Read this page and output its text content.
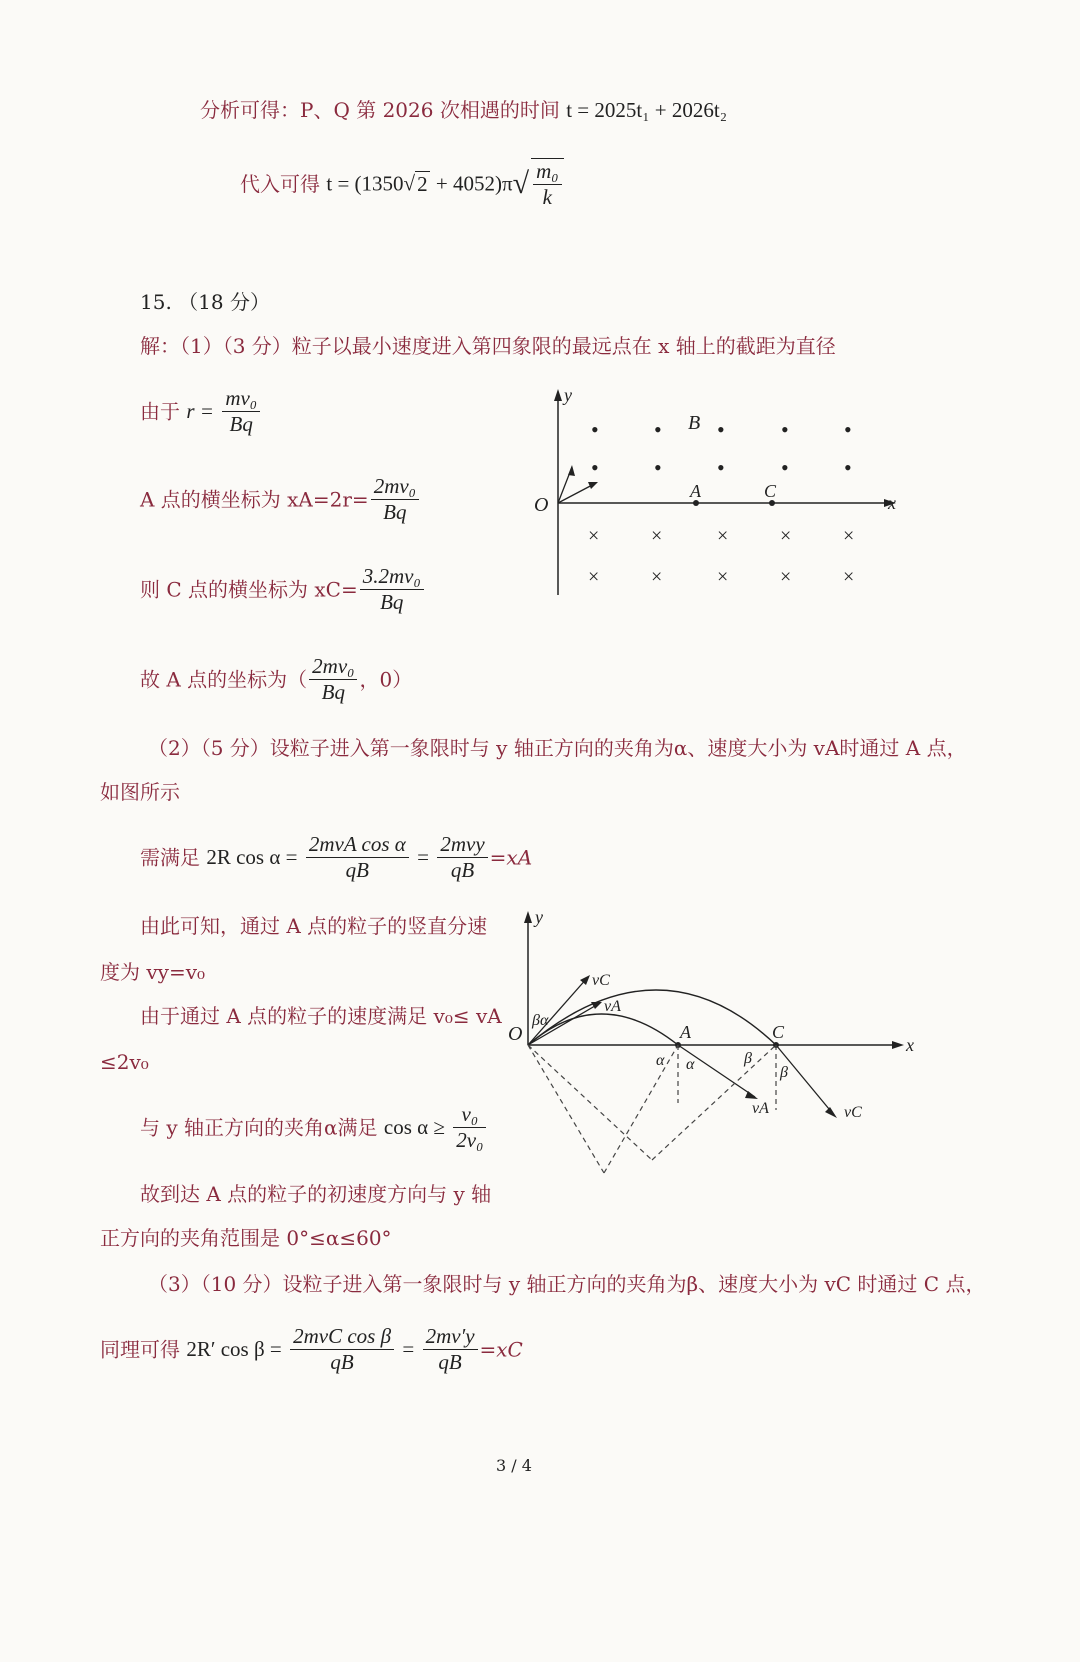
分析可得：P、Q 第 2026 次相遇的时间 t = 2025t₁ + 2026t₂
代入可得 $t = (1350√2 + 4052)\pi√ \frac{\text{m₀}}{k}$
15. （18 分）
解：（1）（3 分）粒子以最小速度进入第四象限的最远点在 x 轴上的截距为直径
由于 $r = \frac{\text{mv₀}}{Bq}$
A 点的横坐标为 $xA=2r= \frac{\text{2mv₀}}{Bq}$
则 C 点的横坐标为 $xC= \frac{\text{3.2mv₀}}{Bq}$
故 A 点的坐标为（ $\frac{\text{2mv₀}}{Bq}$ ，0）
y
x
O
•	•	•	•	•
•	•	•	•	•
B
A	C
×	×	×	×	×
×	×	×	×	×
（2）（5 分）设粒子进入第一象限时与 y 轴正方向的夹角为α、速度大小为 vA时通过 A 点，
如图所示
需满足 2R $\cos \alpha = \frac{\text{2mvA cos α}}{qB} = \frac{\text{2mvy}}{qB} =xA$
由此可知，通过 A 点的粒子的竖直分速
度为 vy=v₀
由于通过 A 点的粒子的速度满足 v₀≤ vA
≤2v₀
与 y 轴正方向的夹角α满足 $\cos \alpha \ge \frac{\text{v₀}}{\text{2v₀}}$
故到达 A 点的粒子的初速度方向与 y 轴
正方向的夹角范围是 0°≤α≤60°
y
x
O
vC
vA
βα
vA	vC
A	C
α α	β
β
（3）（10 分）设粒子进入第一象限时与 y 轴正方向的夹角为β、速度大小为 vC 时通过 C 点，
同理可得 2R′ $\cos \beta = \frac{\text{2mvC cos β}}{qB} = \frac{2mv'y}{qB} =xC$
3 / 4
